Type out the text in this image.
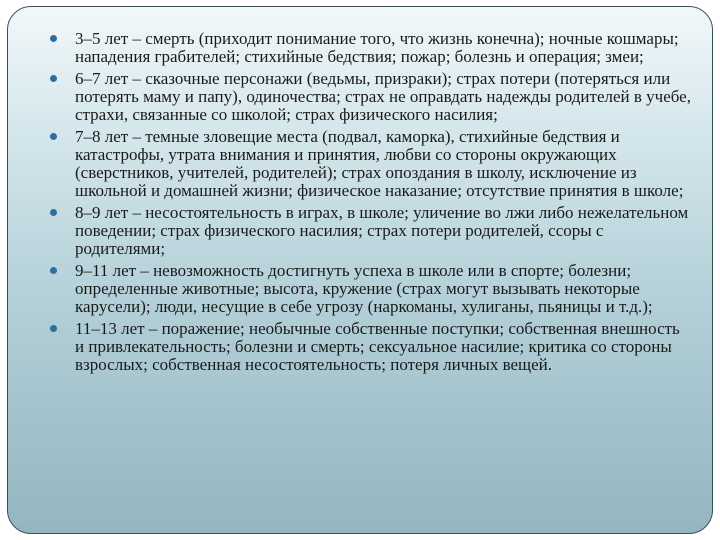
3–5 лет – смерть (приходит понимание того, что жизнь конечна); ночные кошмары; нападения грабителей; стихийные бедствия; пожар; болезнь и операция; змеи;
6–7 лет – сказочные персонажи (ведьмы, призраки); страх потери (потеряться или потерять маму и папу), одиночества; страх не оправдать надежды родителей в учебе, страхи, связанные со школой; страх физического насилия;
7–8 лет – темные зловещие места (подвал, каморка), стихийные бедствия и катастрофы, утрата внимания и принятия, любви со стороны окружающих (сверстников, учителей, родителей); страх опоздания в школу, исключение из школьной и домашней жизни; физическое наказание; отсутствие принятия в школе;
8–9 лет – несостоятельность в играх, в школе; уличение во лжи либо нежелательном поведении; страх физического насилия; страх потери родителей, ссоры с родителями;
9–11 лет – невозможность достигнуть успеха в школе или в спорте; болезни; определенные животные; высота, кружение (страх могут вызывать некоторые карусели); люди, несущие в себе угрозу (наркоманы, хулиганы, пьяницы и т.д.);
11–13 лет – поражение; необычные собственные поступки; собственная внешность и привлекательность; болезни и смерть; сексуальное насилие; критика со стороны взрослых; собственная несостоятельность; потеря личных вещей.
